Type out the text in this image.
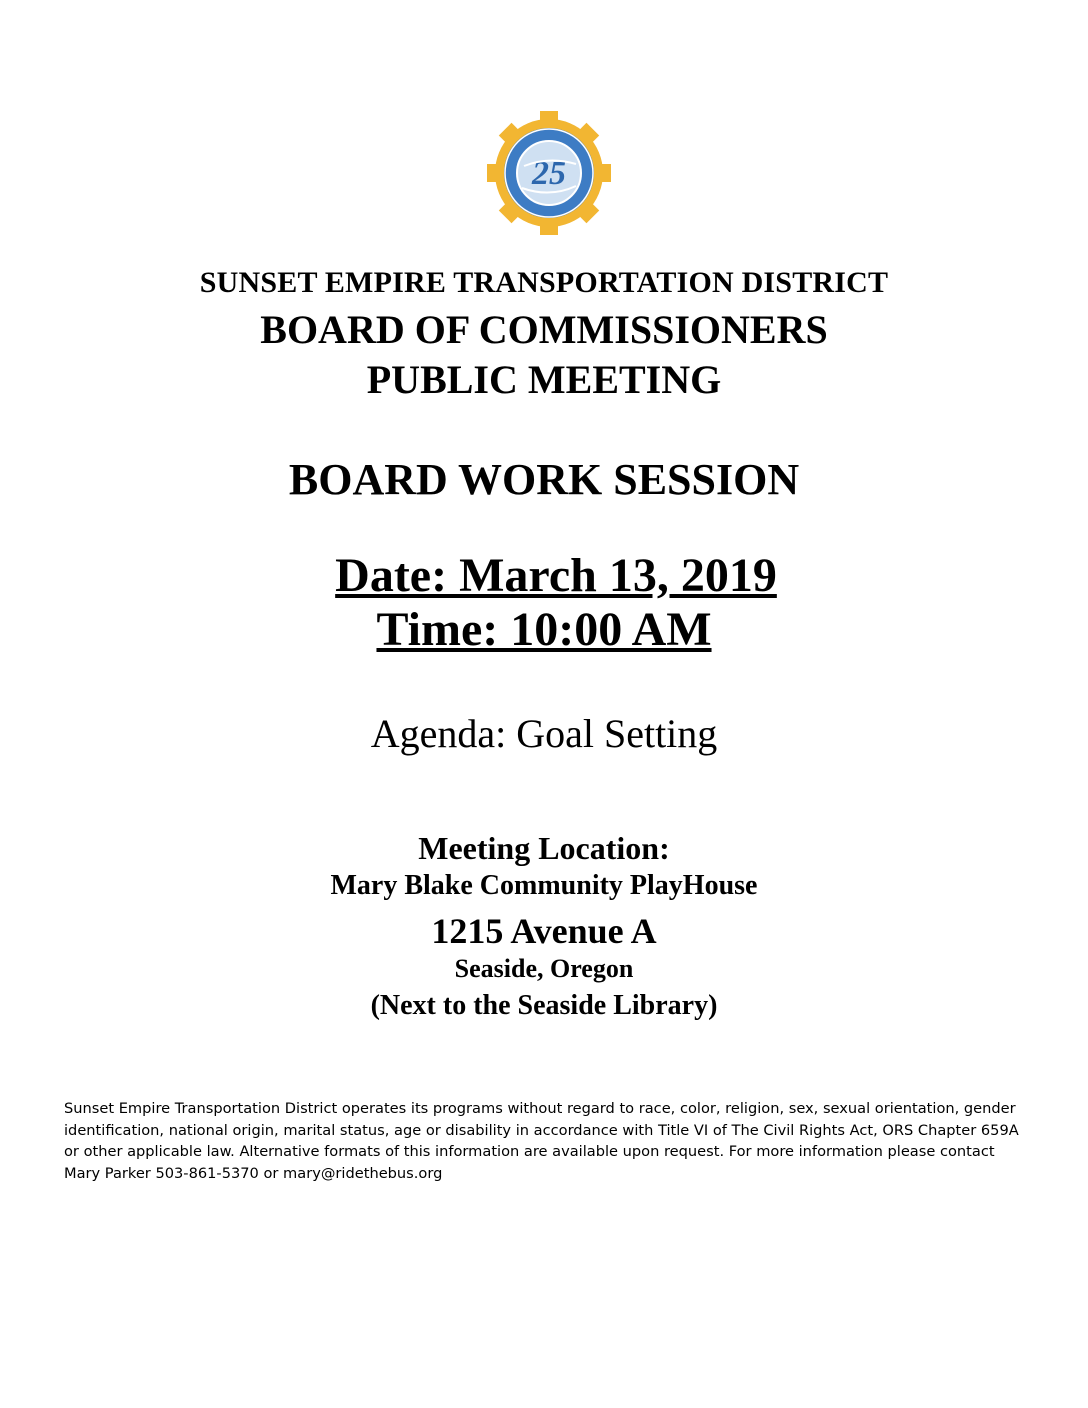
25
SUNSET EMPIRE TRANSPORTATION DISTRICT
BOARD OF COMMISSIONERS
PUBLIC MEETING
BOARD WORK SESSION
Date: March 13, 2019
Time: 10:00 AM
Agenda: Goal Setting
Meeting Location:
Mary Blake Community PlayHouse
1215 Avenue A
Seaside, Oregon
(Next to the Seaside Library)
Sunset Empire Transportation District operates its programs without regard to race, color, religion, sex, sexual orientation, gender identification, national origin, marital status, age or disability in accordance with Title VI of The Civil Rights Act, ORS Chapter 659A or other applicable law. Alternative formats of this information are available upon request. For more information please contact Mary Parker 503-861-5370 or mary@ridethebus.org
